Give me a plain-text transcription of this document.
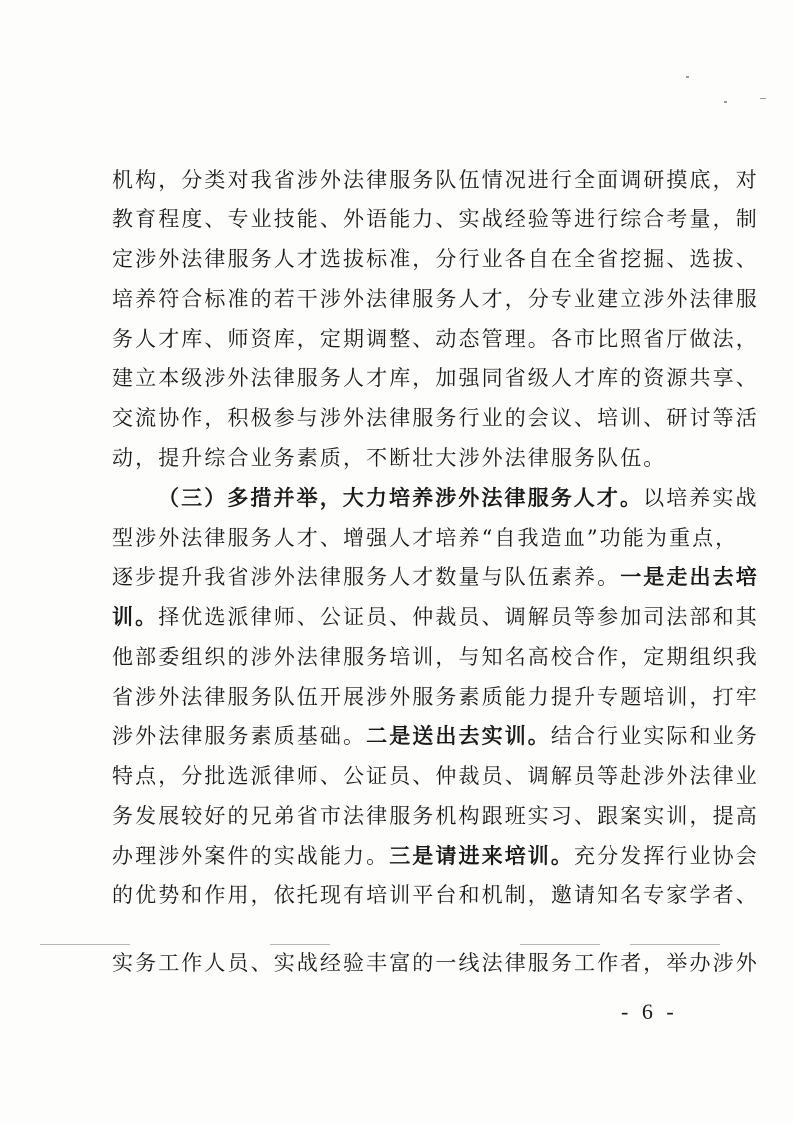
机构，分类对我省涉外法律服务队伍情况进行全面调研摸底，对
教育程度、专业技能、外语能力、实战经验等进行综合考量，制
定涉外法律服务人才选拔标准，分行业各自在全省挖掘、选拔、
培养符合标准的若干涉外法律服务人才，分专业建立涉外法律服
务人才库、师资库，定期调整、动态管理。各市比照省厅做法，
建立本级涉外法律服务人才库，加强同省级人才库的资源共享、
交流协作，积极参与涉外法律服务行业的会议、培训、研讨等活
动，提升综合业务素质，不断壮大涉外法律服务队伍。
（三）多措并举，大力培养涉外法律服务人才。以培养实战
型涉外法律服务人才、增强人才培养“自我造血”功能为重点，
逐步提升我省涉外法律服务人才数量与队伍素养。一是走出去培
训。择优选派律师、公证员、仲裁员、调解员等参加司法部和其
他部委组织的涉外法律服务培训，与知名高校合作，定期组织我
省涉外法律服务队伍开展涉外服务素质能力提升专题培训，打牢
涉外法律服务素质基础。二是送出去实训。结合行业实际和业务
特点，分批选派律师、公证员、仲裁员、调解员等赴涉外法律业
务发展较好的兄弟省市法律服务机构跟班实习、跟案实训，提高
办理涉外案件的实战能力。三是请进来培训。充分发挥行业协会
的优势和作用，依托现有培训平台和机制，邀请知名专家学者、
实务工作人员、实战经验丰富的一线法律服务工作者，举办涉外
- 6 -
